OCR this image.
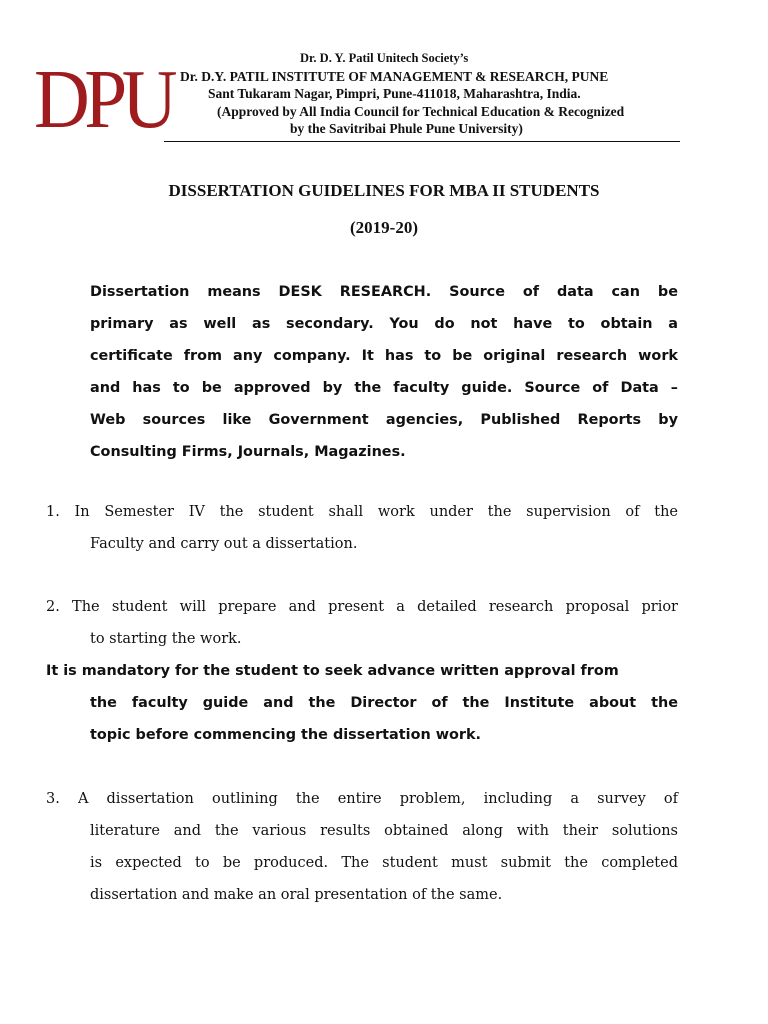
DPU	Dr. D. Y. Patil Unitech Society’s
Dr. D.Y. PATIL INSTITUTE OF MANAGEMENT & RESEARCH, PUNE
Sant Tukaram Nagar, Pimpri, Pune-411018, Maharashtra, India.
(Approved by All India Council for Technical Education & Recognized
by the Savitribai Phule Pune University)
DISSERTATION GUIDELINES FOR MBA II STUDENTS
(2019-20)
Dissertation means DESK RESEARCH. Source of data can be
primary as well as secondary. You do not have to obtain a
certificate from any company. It has to be original research work
and has to be approved by the faculty guide. Source of Data –
Web sources like Government agencies, Published Reports by
Consulting Firms, Journals, Magazines.
1. In Semester IV the student shall work under the supervision of the
Faculty and carry out a dissertation.
2. The student will prepare and present a detailed research proposal prior
to starting the work.
It is mandatory for the student to seek advance written approval from
the faculty guide and the Director of the Institute about the
topic before commencing the dissertation work.
3. A dissertation outlining the entire problem, including a survey of
literature and the various results obtained along with their solutions
is expected to be produced. The student must submit the completed
dissertation and make an oral presentation of the same.
